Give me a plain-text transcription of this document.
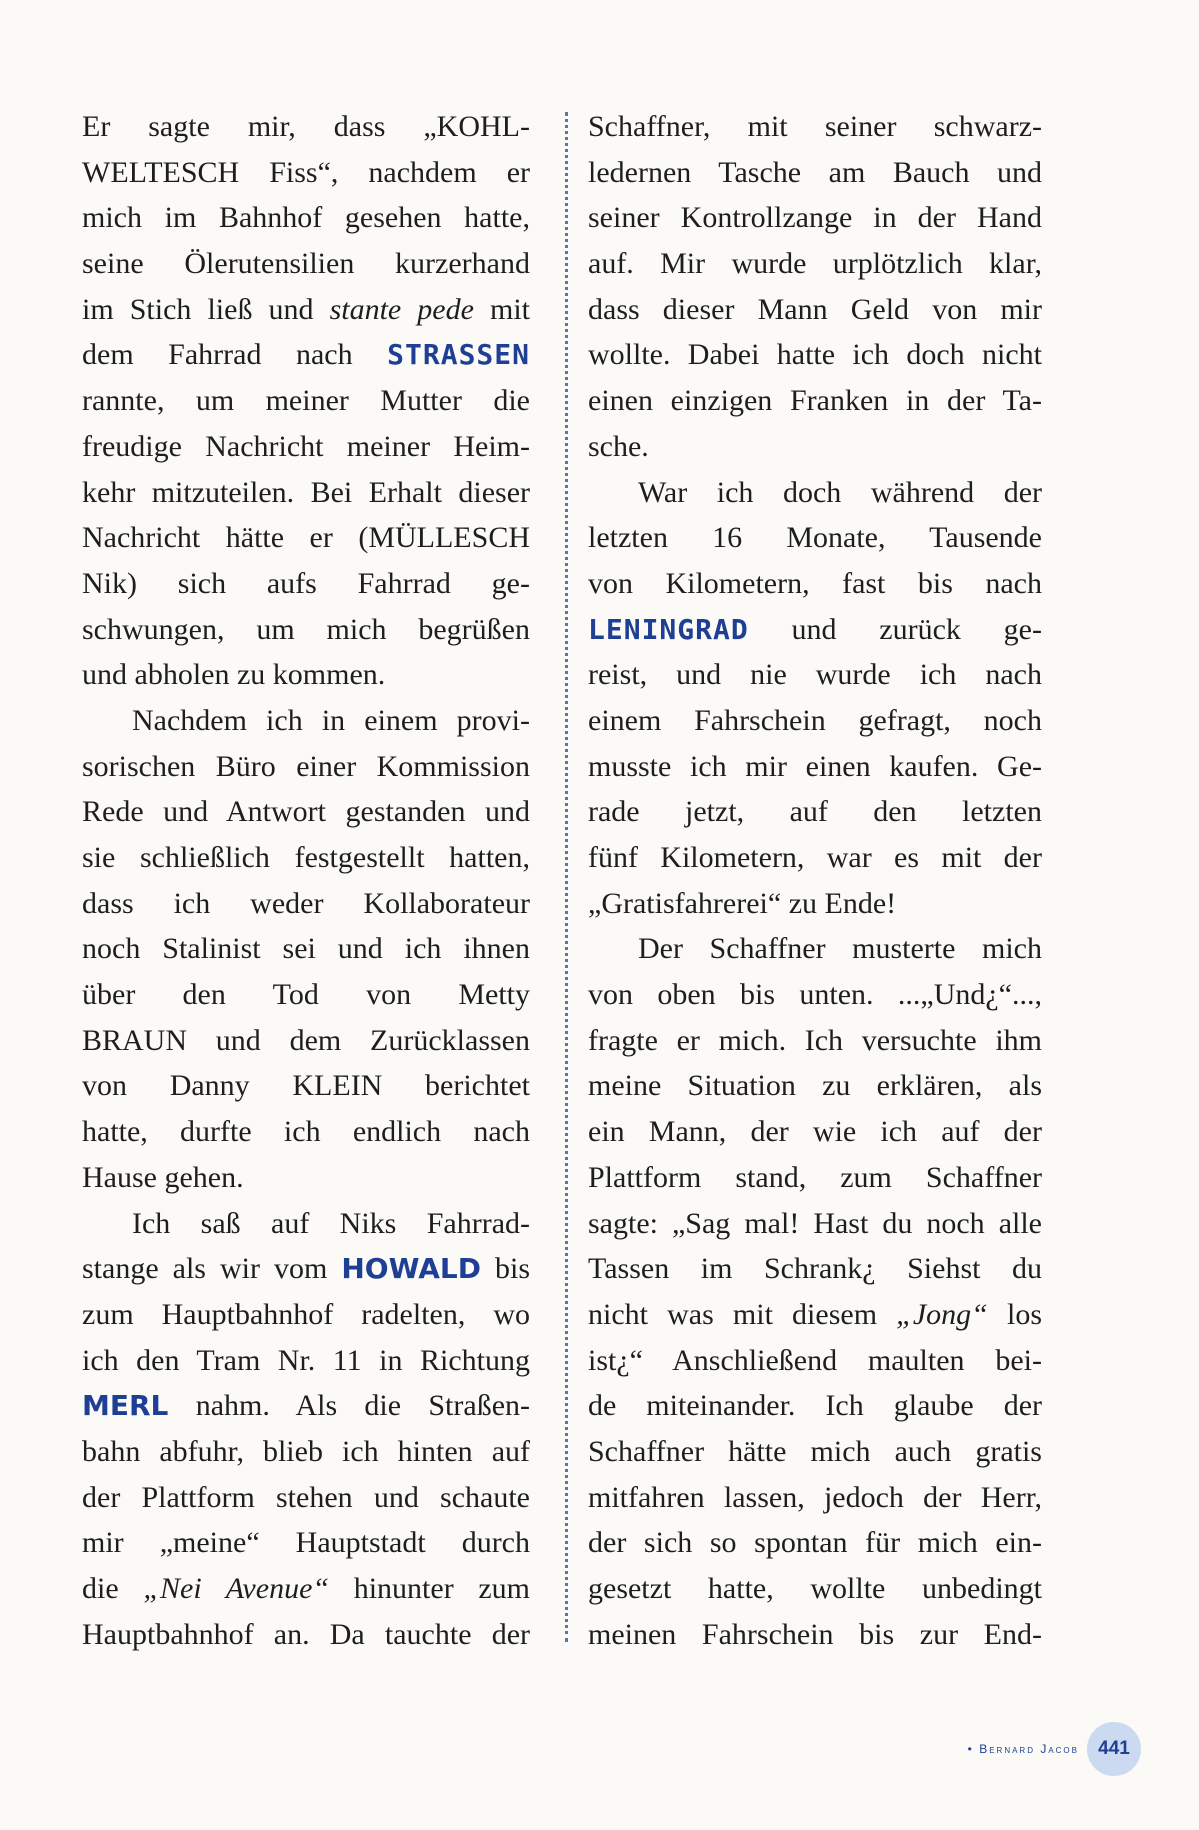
Er sagte mir, dass „KOHL-
WELTESCH Fiss“, nachdem er
mich im Bahnhof gesehen hatte,
seine Ölerutensilien kurzerhand
im Stich ließ und stante pede mit
dem Fahrrad nach STRASSEN
rannte, um meiner Mutter die
freudige Nachricht meiner Heim-
kehr mitzuteilen. Bei Erhalt dieser
Nachricht hätte er (MÜLLESCH
Nik) sich aufs Fahrrad ge-
schwungen, um mich begrüßen
und abholen zu kommen.
Nachdem ich in einem provi-
sorischen Büro einer Kommission
Rede und Antwort gestanden und
sie schließlich festgestellt hatten,
dass ich weder Kollaborateur
noch Stalinist sei und ich ihnen
über den Tod von Metty
BRAUN und dem Zurücklassen
von Danny KLEIN berichtet
hatte, durfte ich endlich nach
Hause gehen.
Ich saß auf Niks Fahrrad-
stange als wir vom HOWALD bis
zum Hauptbahnhof radelten, wo
ich den Tram Nr. 11 in Richtung
MERL nahm. Als die Straßen-
bahn abfuhr, blieb ich hinten auf
der Plattform stehen und schaute
mir „meine“ Hauptstadt durch
die „Nei Avenue“ hinunter zum
Hauptbahnhof an. Da tauchte der
Schaffner, mit seiner schwarz-
ledernen Tasche am Bauch und
seiner Kontrollzange in der Hand
auf. Mir wurde urplötzlich klar,
dass dieser Mann Geld von mir
wollte. Dabei hatte ich doch nicht
einen einzigen Franken in der Ta-
sche.
War ich doch während der
letzten 16 Monate, Tausende
von Kilometern, fast bis nach
LENINGRAD und zurück ge-
reist, und nie wurde ich nach
einem Fahrschein gefragt, noch
musste ich mir einen kaufen. Ge-
rade jetzt, auf den letzten
fünf Kilometern, war es mit der
„Gratisfahrerei“ zu Ende!
Der Schaffner musterte mich
von oben bis unten. ...„Und¿“...,
fragte er mich. Ich versuchte ihm
meine Situation zu erklären, als
ein Mann, der wie ich auf der
Plattform stand, zum Schaffner
sagte: „Sag mal! Hast du noch alle
Tassen im Schrank¿ Siehst du
nicht was mit diesem „Jong“ los
ist¿“ Anschließend maulten bei-
de miteinander. Ich glaube der
Schaffner hätte mich auch gratis
mitfahren lassen, jedoch der Herr,
der sich so spontan für mich ein-
gesetzt hatte, wollte unbedingt
meinen Fahrschein bis zur End-
• Bernard Jacob	441
